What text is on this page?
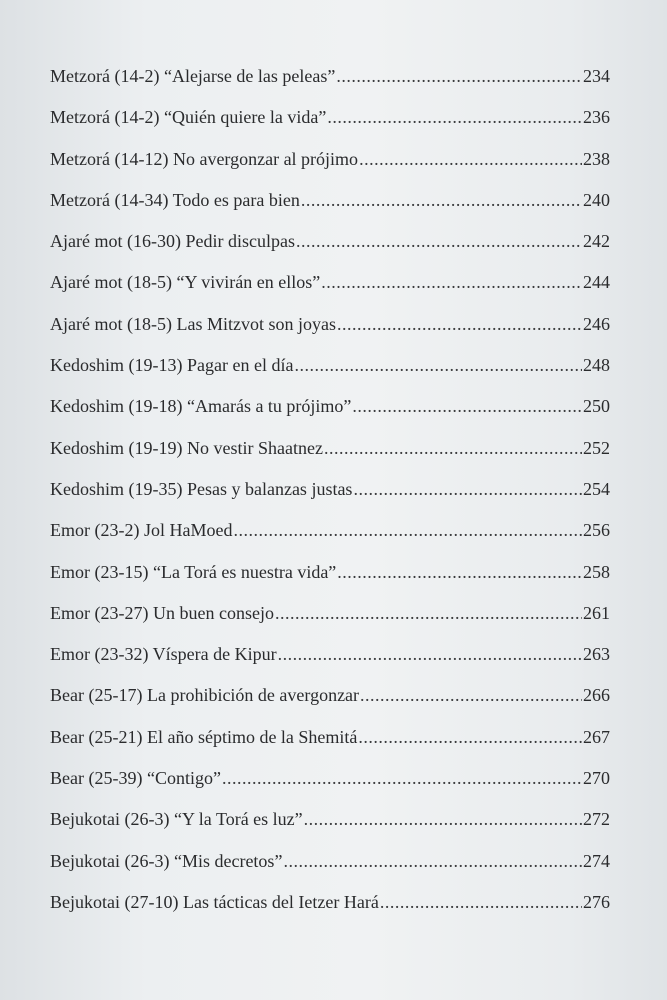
Metzorá (14-2) “Alejarse de las peleas” .....	234
Metzorá (14-2) “Quién quiere la vida” .....	236
Metzorá (14-12) No avergonzar al prójimo .....	238
Metzorá (14-34) Todo es para bien .....	240
Ajaré mot (16-30) Pedir disculpas .....	242
Ajaré mot (18-5) “Y vivirán en ellos” .....	244
Ajaré mot (18-5) Las Mitzvot son joyas .....	246
Kedoshim (19-13) Pagar en el día .....	248
Kedoshim (19-18) “Amarás a tu prójimo” .....	250
Kedoshim (19-19) No vestir Shaatnez .....	252
Kedoshim (19-35) Pesas y balanzas justas .....	254
Emor (23-2) Jol HaMoed .....	256
Emor (23-15) “La Torá es nuestra vida” .....	258
Emor (23-27) Un buen consejo .....	261
Emor (23-32) Víspera de Kipur .....	263
Bear (25-17) La prohibición de avergonzar .....	266
Bear (25-21) El año séptimo de la Shemitá .....	267
Bear (25-39) “Contigo” .....	270
Bejukotai (26-3) “Y la Torá es luz” .....	272
Bejukotai (26-3) “Mis decretos” .....	274
Bejukotai (27-10) Las tácticas del Ietzer Hará .....	276
